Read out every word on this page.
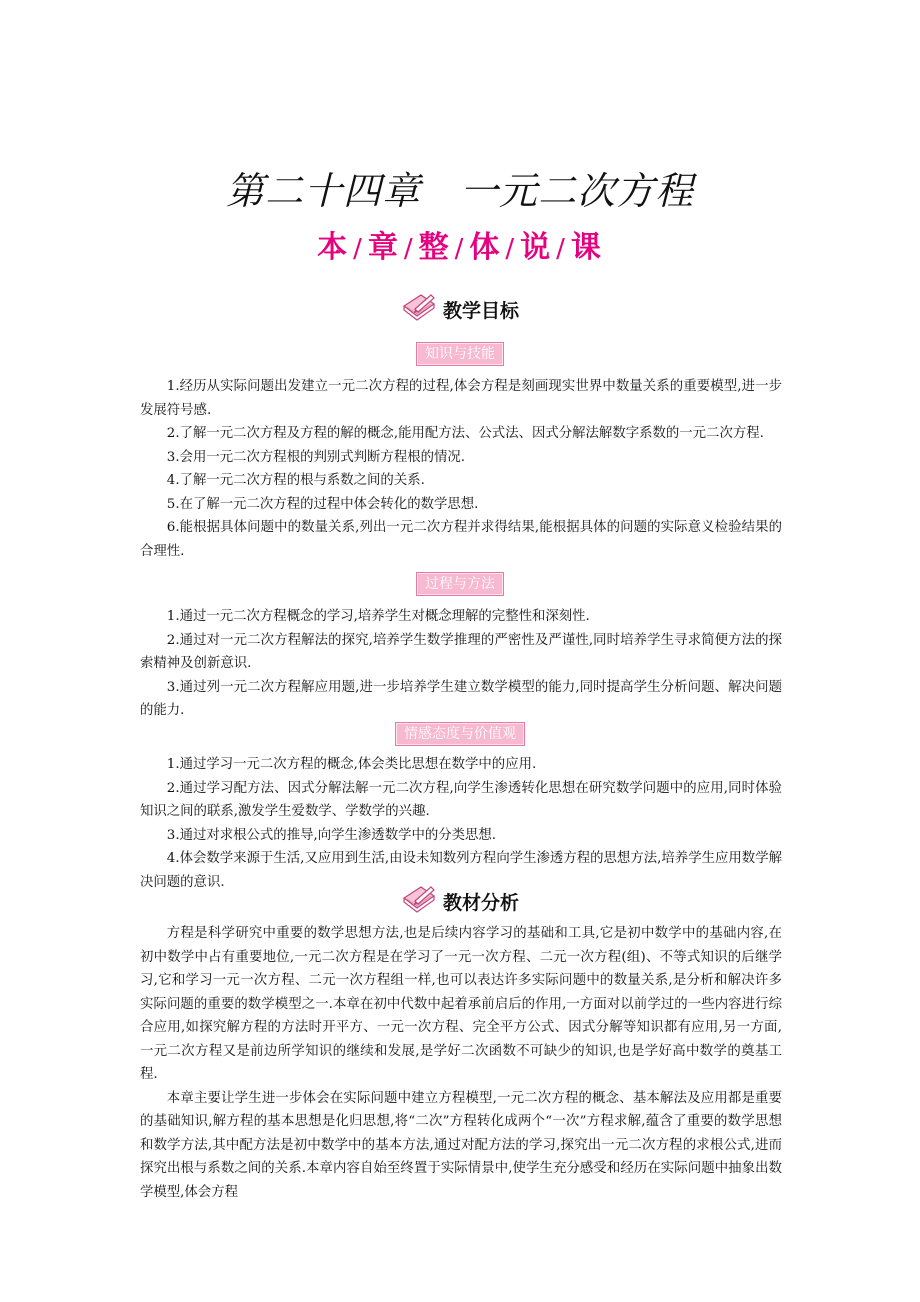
第二十四章　一元二次方程
本 / 章 / 整 / 体 / 说 / 课
教学目标
知识与技能

1.经历从实际问题出发建立一元二次方程的过程,体会方程是刻画现实世界中数量关系的重要模型,进一步发展符号感.

2.了解一元二次方程及方程的解的概念,能用配方法、公式法、因式分解法解数字系数的一元二次方程.

3.会用一元二次方程根的判别式判断方程根的情况.

4.了解一元二次方程的根与系数之间的关系.

5.在了解一元二次方程的过程中体会转化的数学思想.

6.能根据具体问题中的数量关系,列出一元二次方程并求得结果,能根据具体的问题的实际意义检验结果的合理性.

过程与方法

1.通过一元二次方程概念的学习,培养学生对概念理解的完整性和深刻性.

2.通过对一元二次方程解法的探究,培养学生数学推理的严密性及严谨性,同时培养学生寻求简便方法的探索精神及创新意识.

3.通过列一元二次方程解应用题,进一步培养学生建立数学模型的能力,同时提高学生分析问题、解决问题的能力.

情感态度与价值观

1.通过学习一元二次方程的概念,体会类比思想在数学中的应用.

2.通过学习配方法、因式分解法解一元二次方程,向学生渗透转化思想在研究数学问题中的应用,同时体验知识之间的联系,激发学生爱数学、学数学的兴趣.

3.通过对求根公式的推导,向学生渗透数学中的分类思想.

4.体会数学来源于生活,又应用到生活,由设未知数列方程向学生渗透方程的思想方法,培养学生应用数学解决问题的意识.

教材分析

方程是科学研究中重要的数学思想方法,也是后续内容学习的基础和工具,它是初中数学中的基础内容,在初中数学中占有重要地位,一元二次方程是在学习了一元一次方程、二元一次方程(组)、不等式知识的后继学习,它和学习一元一次方程、二元一次方程组一样,也可以表达许多实际问题中的数量关系,是分析和解决许多实际问题的重要的数学模型之一.本章在初中代数中起着承前启后的作用,一方面对以前学过的一些内容进行综合应用,如探究解方程的方法时开平方、一元一次方程、完全平方公式、因式分解等知识都有应用,另一方面,一元二次方程又是前边所学知识的继续和发展,是学好二次函数不可缺少的知识,也是学好高中数学的奠基工程.

本章主要让学生进一步体会在实际问题中建立方程模型,一元二次方程的概念、基本解法及应用都是重要的基础知识,解方程的基本思想是化归思想,将“二次”方程转化成两个“一次”方程求解,蕴含了重要的数学思想和数学方法,其中配方法是初中数学中的基本方法,通过对配方法的学习,探究出一元二次方程的求根公式,进而探究出根与系数之间的关系.本章内容自始至终置于实际情景中,使学生充分感受和经历在实际问题中抽象出数学模型,体会方程
